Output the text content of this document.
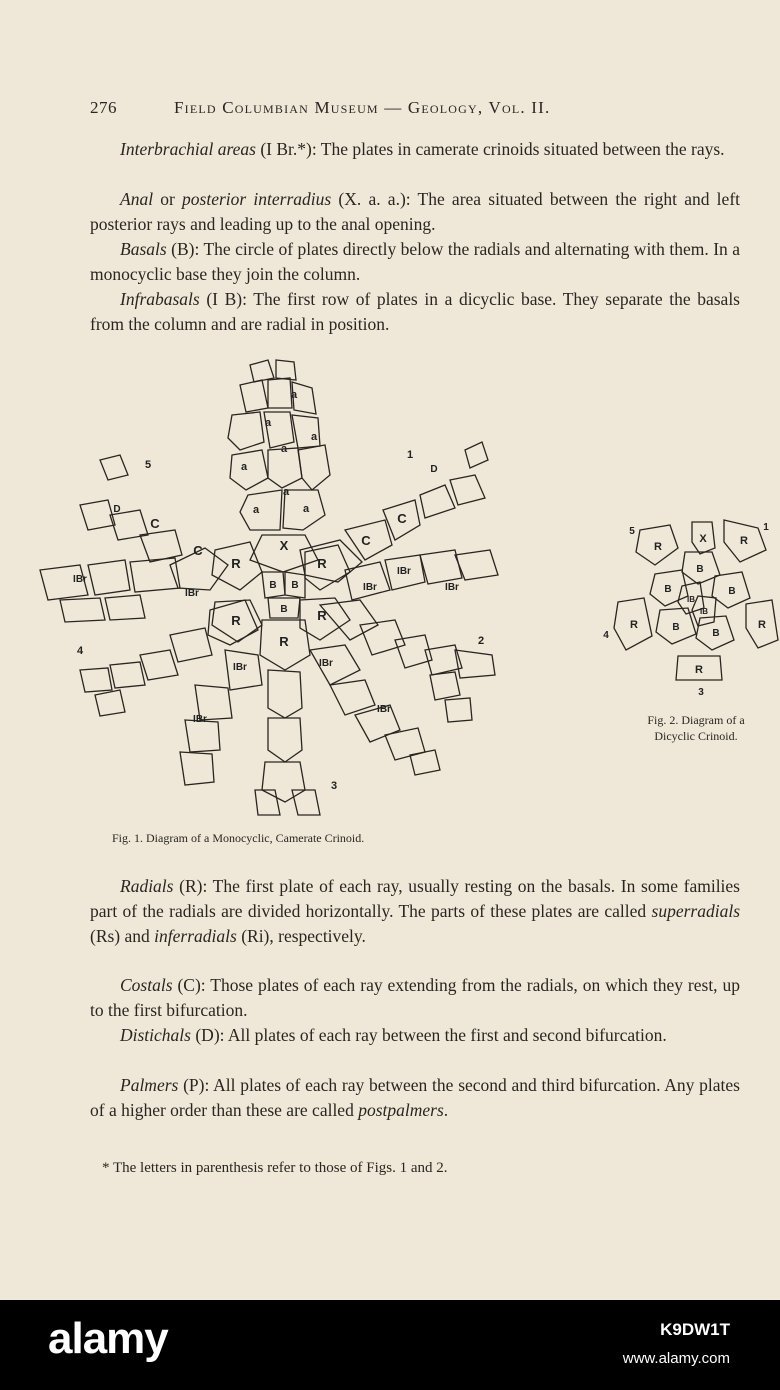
276	Field Columbian Museum — Geology, Vol. II.
Interbrachial areas (I Br.*): The plates in camerate crinoids situated between the rays.
Anal or posterior interradius (X. a. a.): The area situated between the right and left posterior rays and leading up to the anal opening.
Basals (B): The circle of plates directly below the radials and alternating with them. In a monocyclic base they join the column.
Infrabasals (I B): The first row of plates in a dicyclic base. They separate the basals from the column and are radial in position.
R	R
R	R
R
X
B B
B
C
C
C
C
a
a
a
a
a
a
a
a
D
D
IBr
IBr
IBr
IBr
IBr
IBr
IBr
IBr
IBr
5
1
2
3
4
Fig. 1. Diagram of a Monocyclic, Camerate Crinoid.
R
X	R
B
B	B
IB
IB
B
B
R	R
R
5	1
3
4
Fig. 2. Diagram of a
Dicyclic Crinoid.
Radials (R): The first plate of each ray, usually resting on the basals. In some families part of the radials are divided horizontally. The parts of these plates are called superradials (Rs) and inferradials (Ri), respectively.
Costals (C): Those plates of each ray extending from the radials, on which they rest, up to the first bifurcation.
Distichals (D): All plates of each ray between the first and second bifurcation.
Palmers (P): All plates of each ray between the second and third bifurcation. Any plates of a higher order than these are called postpalmers.
* The letters in parenthesis refer to those of Figs. 1 and 2.
alamy	K9DW1T
www.alamy.com
